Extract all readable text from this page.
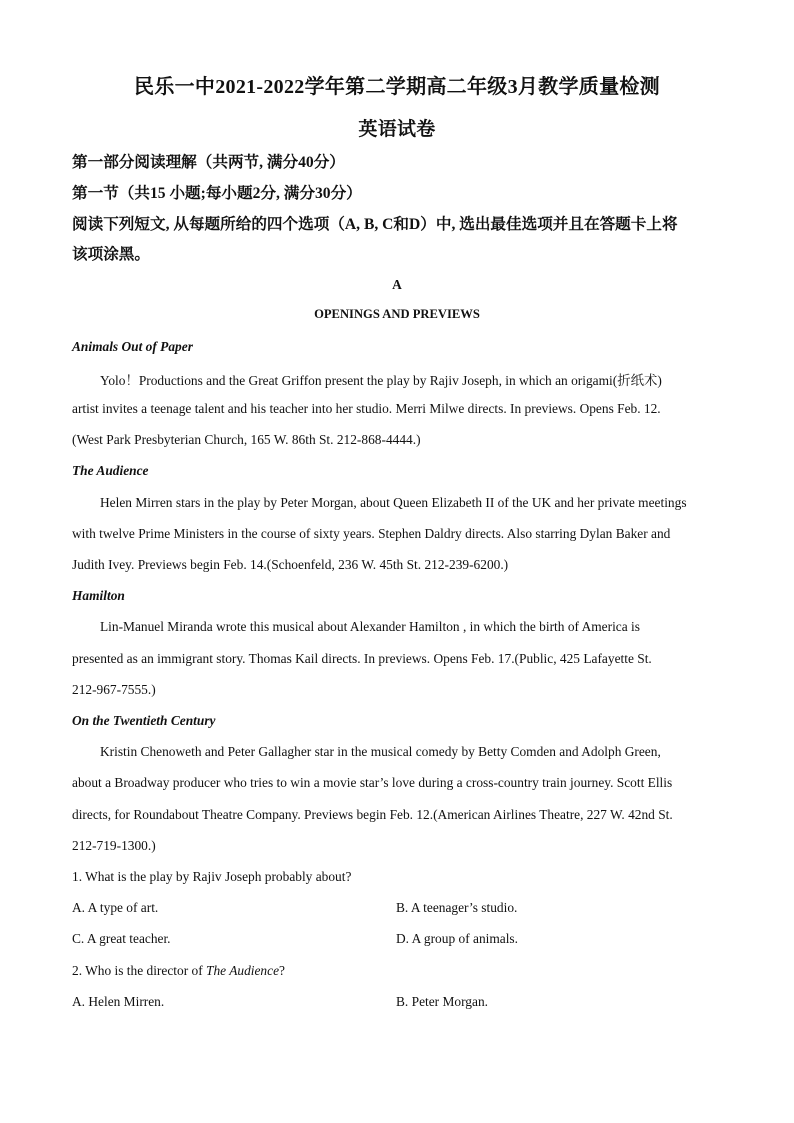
民乐一中2021-2022学年第二学期高二年级3月教学质量检测
英语试卷
第一部分阅读理解（共两节, 满分40分）
第一节（共15 小题;每小题2分, 满分30分）
阅读下列短文, 从每题所给的四个选项（A, B, C和D）中, 选出最佳选项并且在答题卡上将
该项涂黑。
A
OPENINGS AND PREVIEWS
Animals Out of Paper
Yolo！Productions and the Great Griffon present the play by Rajiv Joseph, in which an origami(折纸术)
artist invites a teenage talent and his teacher into her studio. Merri Milwe directs. In previews. Opens Feb. 12.
(West Park Presbyterian Church, 165 W. 86th St. 212-868-4444.)
The Audience
Helen Mirren stars in the play by Peter Morgan, about Queen Elizabeth II of the UK and her private meetings
with twelve Prime Ministers in the course of sixty years. Stephen Daldry directs. Also starring Dylan Baker and
Judith Ivey. Previews begin Feb. 14.(Schoenfeld, 236 W. 45th St. 212-239-6200.)
Hamilton
Lin-Manuel Miranda wrote this musical about Alexander Hamilton , in which the birth of America is
presented as an immigrant story. Thomas Kail directs. In previews. Opens Feb. 17.(Public, 425 Lafayette St.
212-967-7555.)
On the Twentieth Century
Kristin Chenoweth and Peter Gallagher star in the musical comedy by Betty Comden and Adolph Green,
about a Broadway producer who tries to win a movie star’s love during a cross-country train journey. Scott Ellis
directs, for Roundabout Theatre Company. Previews begin Feb. 12.(American Airlines Theatre, 227 W. 42nd St.
212-719-1300.)
1. What is the play by Rajiv Joseph probably about?
A. A type of art.	B. A teenager’s studio.
C. A great teacher.	D. A group of animals.
2. Who is the director of The Audience?
A. Helen Mirren.	B. Peter Morgan.
